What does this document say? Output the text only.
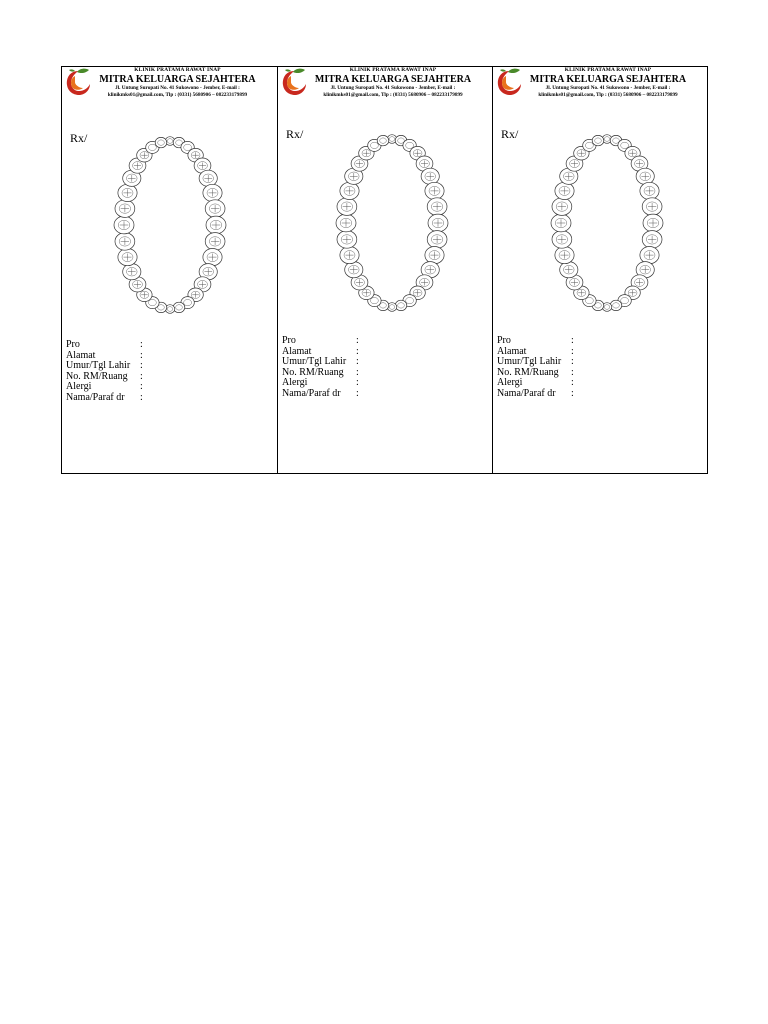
KLINIK PRATAMA RAWAT INAP
MITRA KELUARGA SEJAHTERA
Jl. Untung Suropati No. 41 Sukowono - Jember, E-mail :
klinikmks01@gmail.com, Tlp : (0331) 5680906 – 082233179899
Rx/
Pro	:
Alamat	:
Umur/Tgl Lahir :
No. RM/Ruang	:
Alergi	:
Nama/Paraf dr	:
KLINIK PRATAMA RAWAT INAP
MITRA KELUARGA SEJAHTERA
Jl. Untung Suropati No. 41 Sukowono - Jember, E-mail :
klinikmks01@gmail.com, Tlp : (0331) 5680906 – 082233179899
Rx/
Pro	:
Alamat	:
Umur/Tgl Lahir :
No. RM/Ruang	:
Alergi	:
Nama/Paraf dr	:
KLINIK PRATAMA RAWAT INAP
MITRA KELUARGA SEJAHTERA
Jl. Untung Suropati No. 41 Sukowono - Jember, E-mail :
klinikmks01@gmail.com, Tlp : (0331) 5680906 – 082233179899
Rx/
Pro	:
Alamat	:
Umur/Tgl Lahir :
No. RM/Ruang	:
Alergi	:
Nama/Paraf dr	:
